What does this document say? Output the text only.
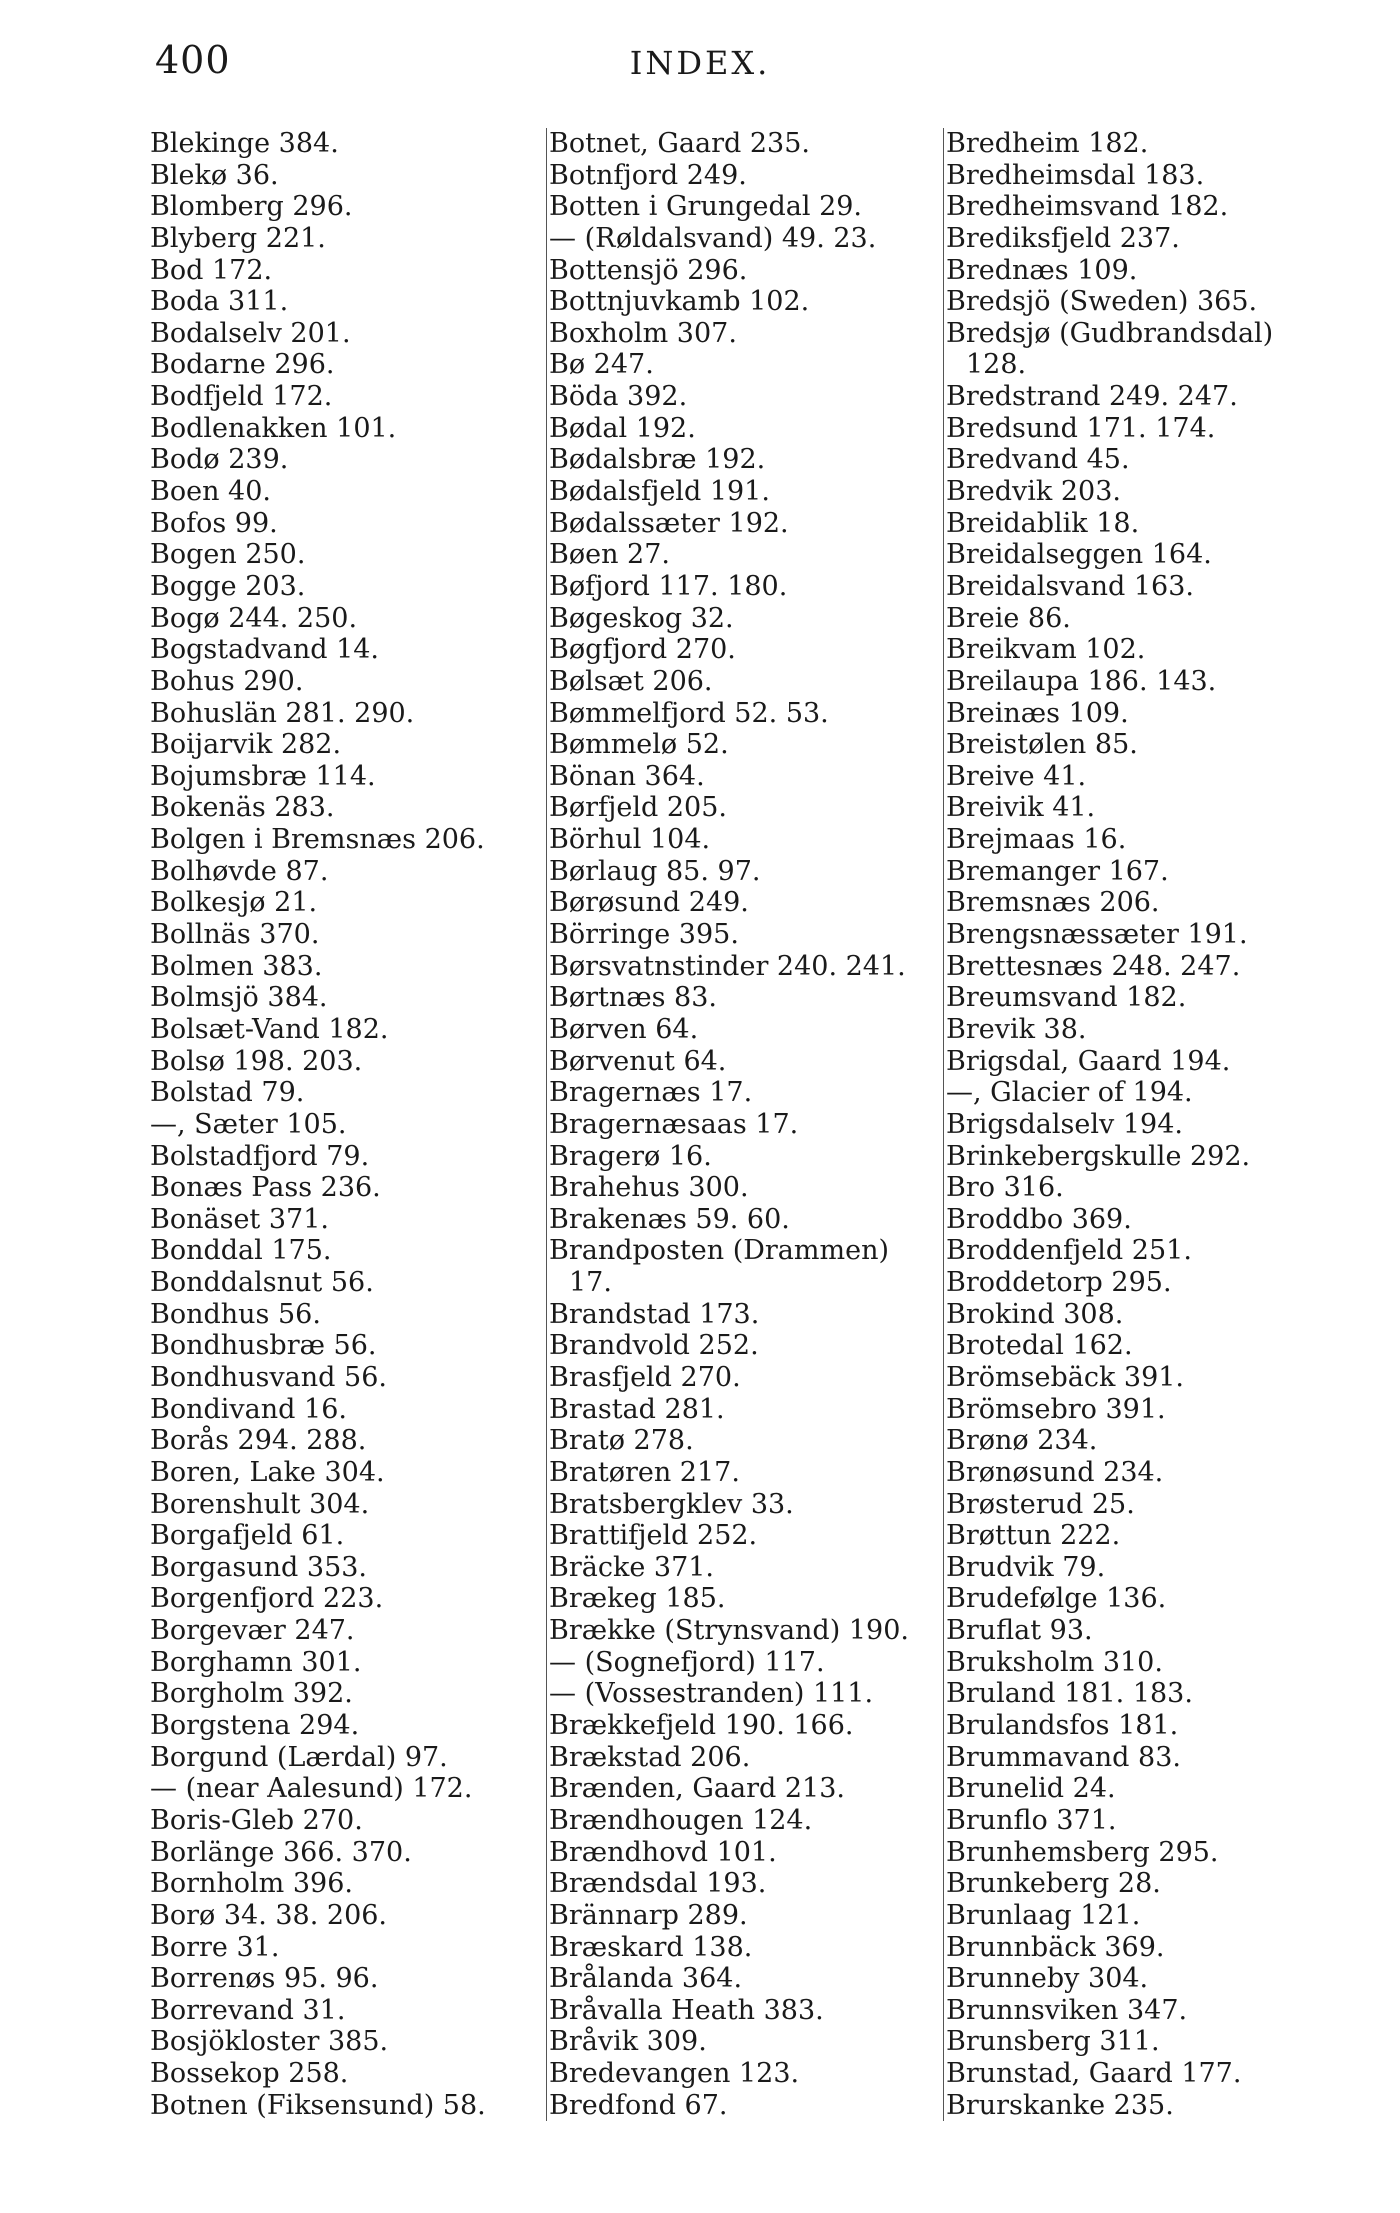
400	INDEX.
Blekinge 384.
Blekø 36.
Blomberg 296.
Blyberg 221.
Bod 172.
Boda 311.
Bodalselv 201.
Bodarne 296.
Bodfjeld 172.
Bodlenakken 101.
Bodø 239.
Boen 40.
Bofos 99.
Bogen 250.
Bogge 203.
Bogø 244. 250.
Bogstadvand 14.
Bohus 290.
Bohuslän 281. 290.
Boijarvik 282.
Bojumsbræ 114.
Bokenäs 283.
Bolgen i Bremsnæs 206.
Bolhøvde 87.
Bolkesjø 21.
Bollnäs 370.
Bolmen 383.
Bolmsjö 384.
Bolsæt-Vand 182.
Bolsø 198. 203.
Bolstad 79.
—, Sæter 105.
Bolstadfjord 79.
Bonæs Pass 236.
Bonäset 371.
Bonddal 175.
Bonddalsnut 56.
Bondhus 56.
Bondhusbræ 56.
Bondhusvand 56.
Bondivand 16.
Borås 294. 288.
Boren, Lake 304.
Borenshult 304.
Borgafjeld 61.
Borgasund 353.
Borgenfjord 223.
Borgevær 247.
Borghamn 301.
Borgholm 392.
Borgstena 294.
Borgund (Lærdal) 97.
— (near Aalesund) 172.
Boris-Gleb 270.
Borlänge 366. 370.
Bornholm 396.
Borø 34. 38. 206.
Borre 31.
Borrenøs 95. 96.
Borrevand 31.
Bosjökloster 385.
Bossekop 258.
Botnen (Fiksensund) 58.
Botnet, Gaard 235.
Botnfjord 249.
Botten i Grungedal 29.
— (Røldalsvand) 49. 23.
Bottensjö 296.
Bottnjuvkamb 102.
Boxholm 307.
Bø 247.
Böda 392.
Bødal 192.
Bødalsbræ 192.
Bødalsfjeld 191.
Bødalssæter 192.
Bøen 27.
Bøfjord 117. 180.
Bøgeskog 32.
Bøgfjord 270.
Bølsæt 206.
Bømmelfjord 52. 53.
Bømmelø 52.
Bönan 364.
Børfjeld 205.
Börhul 104.
Børlaug 85. 97.
Børøsund 249.
Börringe 395.
Børsvatnstinder 240. 241.
Børtnæs 83.
Børven 64.
Børvenut 64.
Bragernæs 17.
Bragernæsaas 17.
Bragerø 16.
Brahehus 300.
Brakenæs 59. 60.
Brandposten (Drammen)
17.
Brandstad 173.
Brandvold 252.
Brasfjeld 270.
Brastad 281.
Bratø 278.
Bratøren 217.
Bratsbergklev 33.
Brattifjeld 252.
Bräcke 371.
Brækeg 185.
Brække (Strynsvand) 190.
— (Sognefjord) 117.
— (Vossestranden) 111.
Brækkefjeld 190. 166.
Brækstad 206.
Brænden, Gaard 213.
Brændhougen 124.
Brændhovd 101.
Brændsdal 193.
Brännarp 289.
Bræskard 138.
Brålanda 364.
Bråvalla Heath 383.
Bråvik 309.
Bredevangen 123.
Bredfond 67.
Bredheim 182.
Bredheimsdal 183.
Bredheimsvand 182.
Brediksfjeld 237.
Brednæs 109.
Bredsjö (Sweden) 365.
Bredsjø (Gudbrandsdal)
128.
Bredstrand 249. 247.
Bredsund 171. 174.
Bredvand 45.
Bredvik 203.
Breidablik 18.
Breidalseggen 164.
Breidalsvand 163.
Breie 86.
Breikvam 102.
Breilaupa 186. 143.
Breinæs 109.
Breistølen 85.
Breive 41.
Breivik 41.
Brejmaas 16.
Bremanger 167.
Bremsnæs 206.
Brengsnæssæter 191.
Brettesnæs 248. 247.
Breumsvand 182.
Brevik 38.
Brigsdal, Gaard 194.
—, Glacier of 194.
Brigsdalselv 194.
Brinkebergskulle 292.
Bro 316.
Broddbo 369.
Broddenfjeld 251.
Broddetorp 295.
Brokind 308.
Brotedal 162.
Brömsebäck 391.
Brömsebro 391.
Brønø 234.
Brønøsund 234.
Brøsterud 25.
Brøttun 222.
Brudvik 79.
Brudefølge 136.
Bruflat 93.
Bruksholm 310.
Bruland 181. 183.
Brulandsfos 181.
Brummavand 83.
Brunelid 24.
Brunflo 371.
Brunhemsberg 295.
Brunkeberg 28.
Brunlaag 121.
Brunnbäck 369.
Brunneby 304.
Brunnsviken 347.
Brunsberg 311.
Brunstad, Gaard 177.
Brurskanke 235.
